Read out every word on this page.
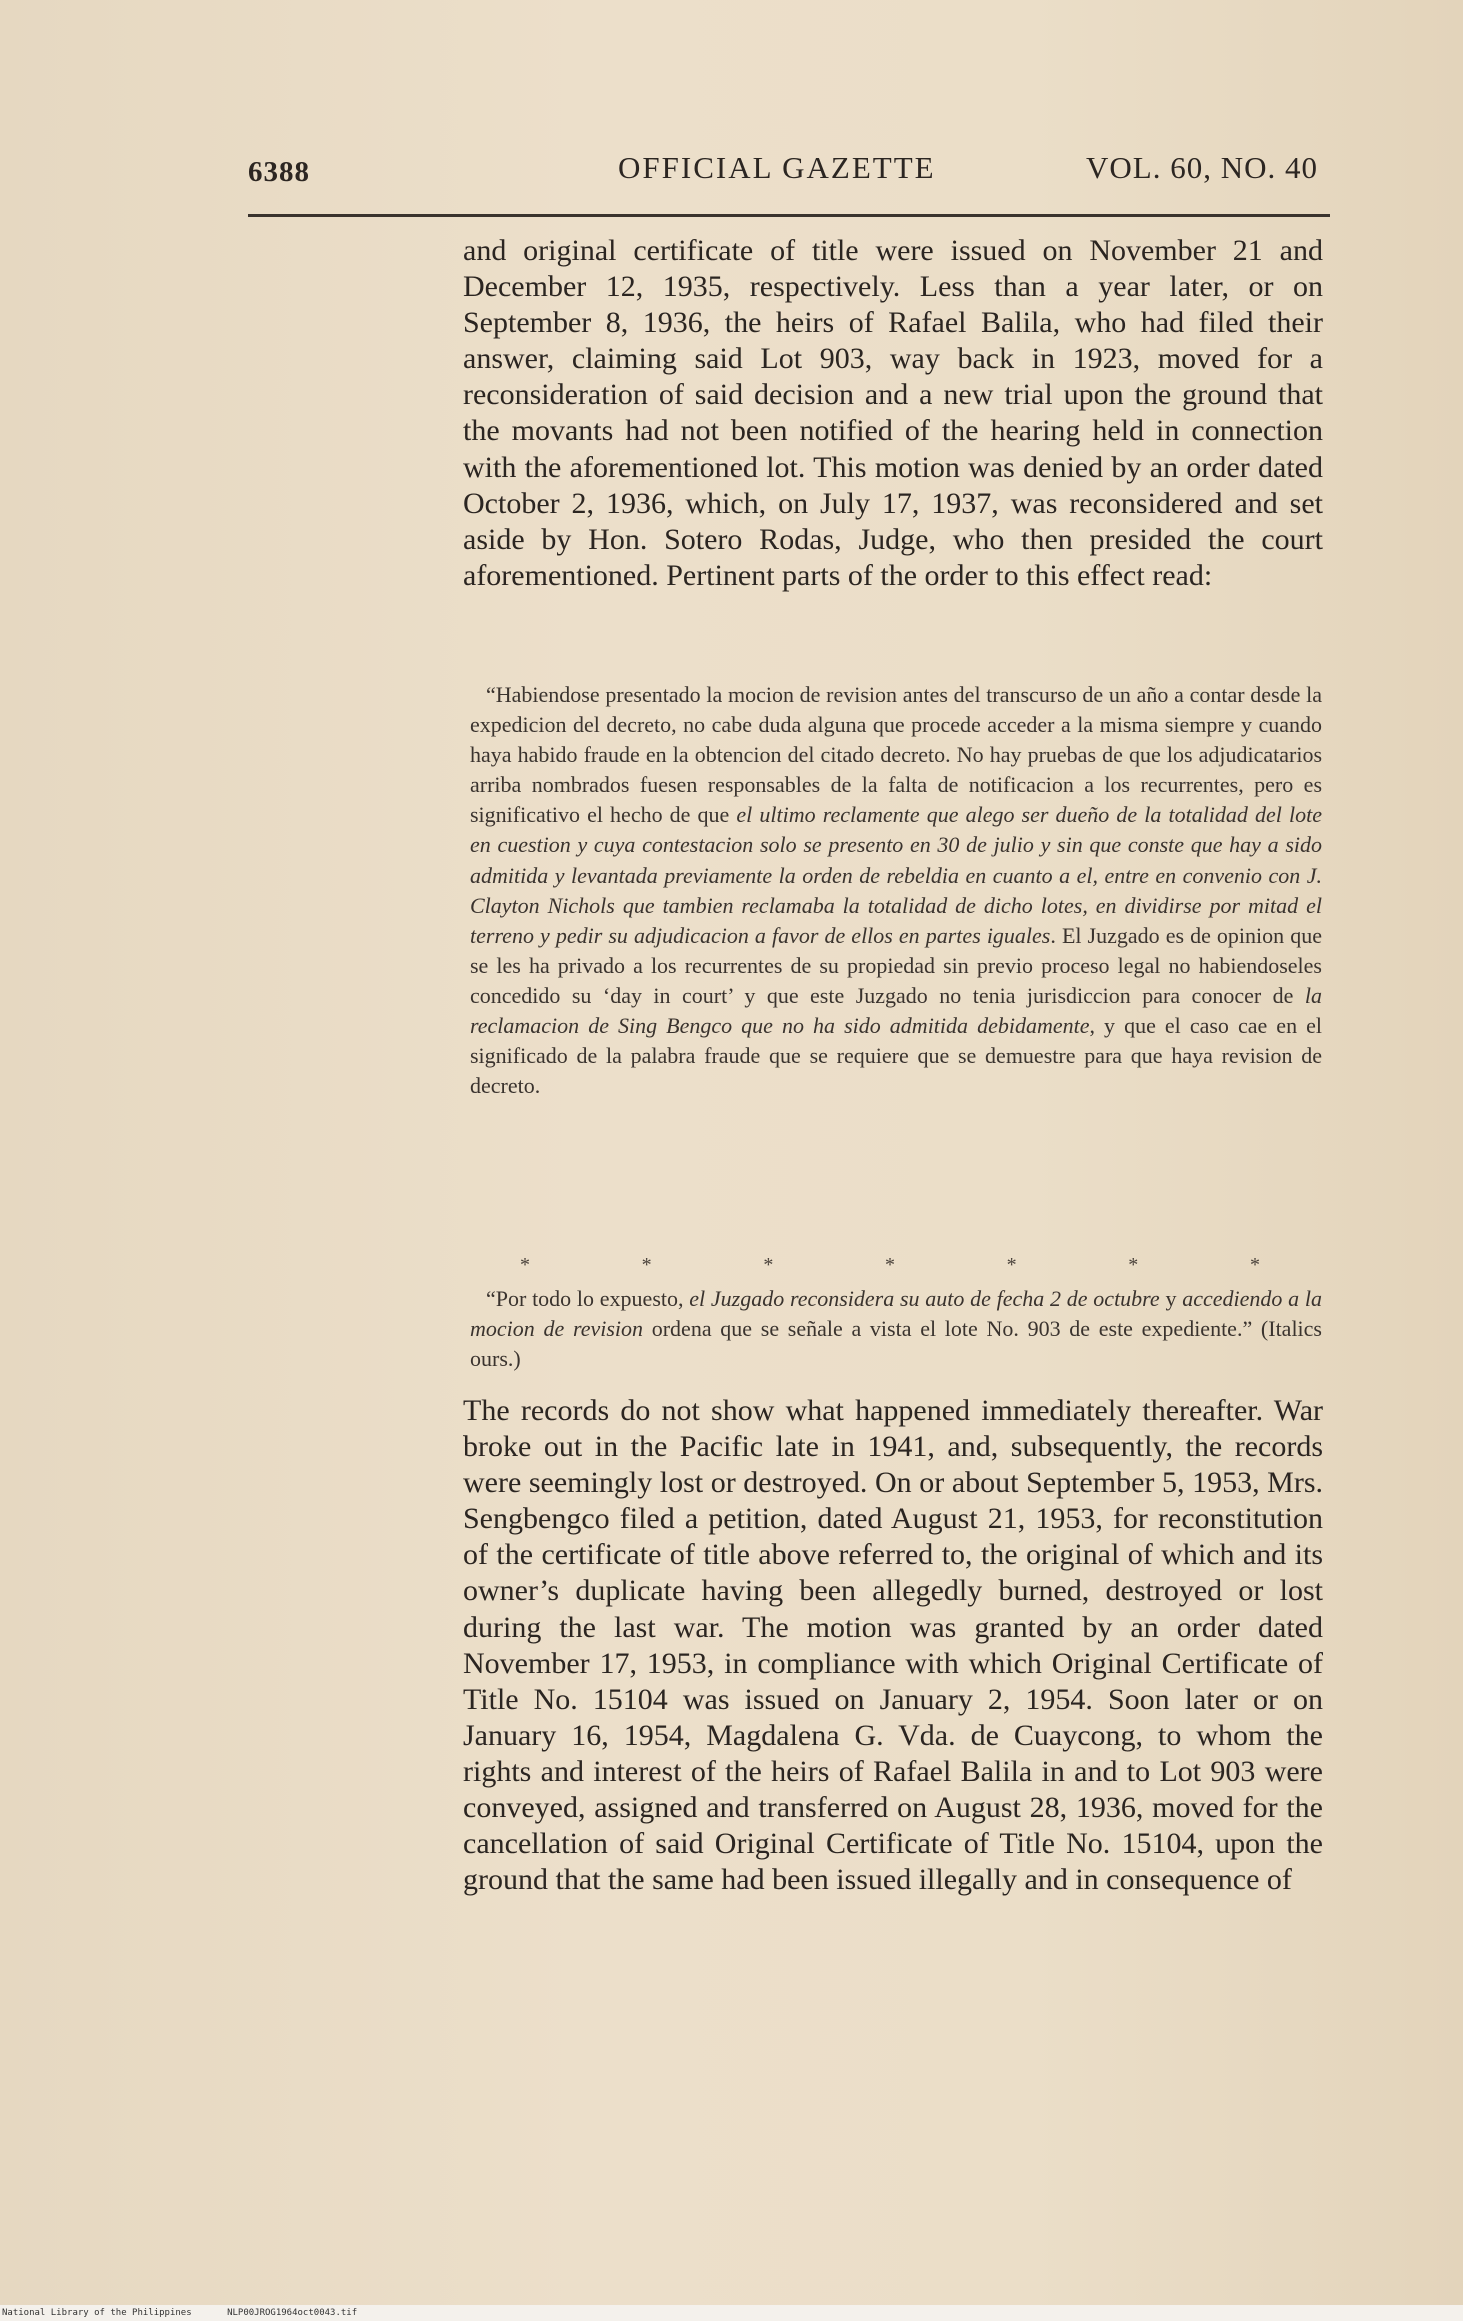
6388	OFFICIAL GAZETTE	VOL. 60, NO. 40

and original certificate of title were issued on November 21 and December 12, 1935, respectively. Less than a year later, or on September 8, 1936, the heirs of Rafael Balila, who had filed their answer, claiming said Lot 903, way back in 1923, moved for a reconsideration of said decision and a new trial upon the ground that the movants had not been notified of the hearing held in connection with the aforementioned lot. This motion was denied by an order dated October 2, 1936, which, on July 17, 1937, was reconsidered and set aside by Hon. Sotero Rodas, Judge, who then presided the court aforementioned. Pertinent parts of the order to this effect read:

“Habiendose presentado la mocion de revision antes del transcurso de un año a contar desde la expedicion del decreto, no cabe duda alguna que procede acceder a la misma siempre y cuando haya habido fraude en la obtencion del citado decreto. No hay pruebas de que los adjudicatarios arriba nombrados fuesen responsables de la falta de notificacion a los recurrentes, pero es significativo el hecho de que el ultimo reclamente que alego ser dueño de la totalidad del lote en cuestion y cuya contestacion solo se presento en 30 de julio y sin que conste que hay a sido admitida y levantada previamente la orden de rebeldia en cuanto a el, entre en convenio con J. Clayton Nichols que tambien reclamaba la totalidad de dicho lotes, en dividirse por mitad el terreno y pedir su adjudicacion a favor de ellos en partes iguales. El Juzgado es de opinion que se les ha privado a los recurrentes de su propiedad sin previo proceso legal no habiendoseles concedido su ‘day in court’ y que este Juzgado no tenia jurisdiccion para conocer de la reclamacion de Sing Bengco que no ha sido admitida debidamente, y que el caso cae en el significado de la palabra fraude que se requiere que se demuestre para que haya revision de decreto.

*	*	*	*	*	*	*

“Por todo lo expuesto, el Juzgado reconsidera su auto de fecha 2 de octubre y accediendo a la mocion de revision ordena que se señale a vista el lote No. 903 de este expediente.” (Italics ours.)

The records do not show what happened immediately thereafter. War broke out in the Pacific late in 1941, and, subsequently, the records were seemingly lost or destroyed. On or about September 5, 1953, Mrs. Sengbengco filed a petition, dated August 21, 1953, for reconstitution of the certificate of title above referred to, the original of which and its owner’s duplicate having been allegedly burned, destroyed or lost during the last war. The motion was granted by an order dated November 17, 1953, in compliance with which Original Certificate of Title No. 15104 was issued on January 2, 1954. Soon later or on January 16, 1954, Magdalena G. Vda. de Cuaycong, to whom the rights and interest of the heirs of Rafael Balila in and to Lot 903 were conveyed, assigned and transferred on August 28, 1936, moved for the cancellation of said Original Certificate of Title No. 15104, upon the ground that the same had been issued illegally and in consequence of

National Library of the Philippines	NLP00JROG1964oct0043.tif
